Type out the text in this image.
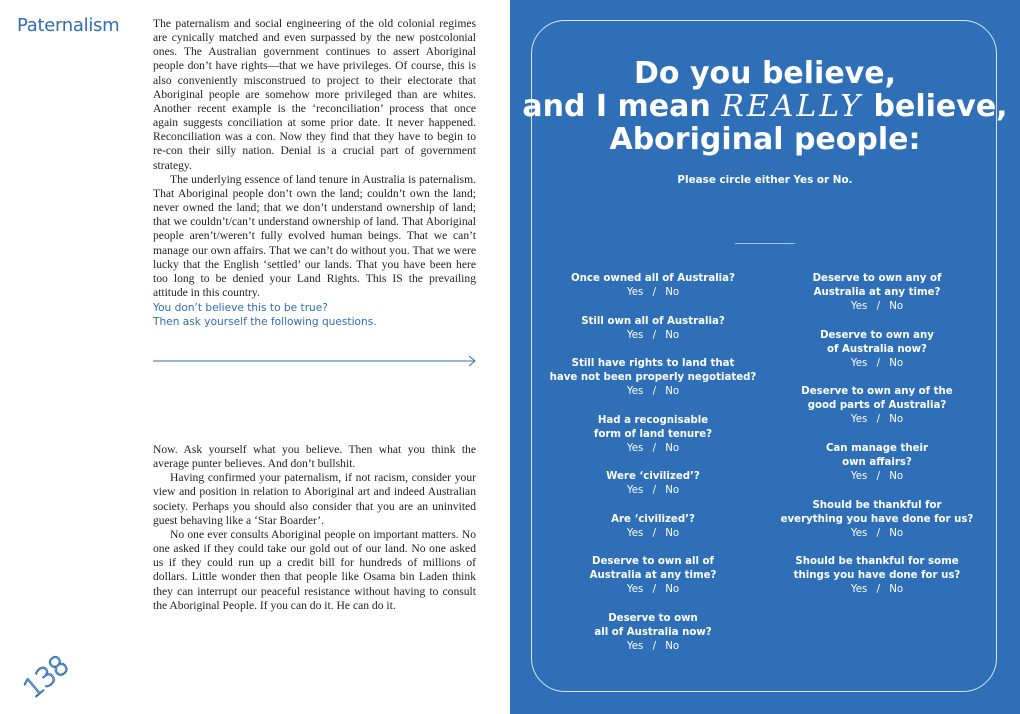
Paternalism	The paternalism and social engineering of the old colonial regimes are cynically matched and even surpassed by the new postcolonial ones. The Australian government continues to assert Aboriginal people don’t have rights—that we have privileges. Of course, this is also conveniently misconstrued to project to their electorate that Aboriginal people are somehow more privileged than are whites. Another recent example is the ‘reconciliation’ process that once again suggests conciliation at some prior date. It never happened. Reconciliation was a con. Now they find that they have to begin to re-con their silly nation. Denial is a crucial part of government strategy.

The underlying essence of land tenure in Australia is paternalism. That Aboriginal people don’t own the land; couldn’t own the land; never owned the land; that we don’t understand ownership of land; that we couldn’t/can’t understand ownership of land. That Aboriginal people aren’t/weren’t fully evolved human beings. That we can’t manage our own affairs. That we can’t do without you. That we were lucky that the English ‘settled’ our lands. That you have been here too long to be denied your Land Rights. This IS the prevailing attitude in this country.

You don’t believe this to be true?
Then ask yourself the following questions.

Now. Ask yourself what you believe. Then what you think the average punter believes. And don’t bullshit.

Having confirmed your paternalism, if not racism, consider your view and position in relation to Aboriginal art and indeed Australian society. Perhaps you should also consider that you are an uninvited guest behaving like a ‘Star Boarder’.

No one ever consults Aboriginal people on important matters. No one asked if they could take our gold out of our land. No one asked us if they could run up a credit bill for hundreds of millions of dollars. Little wonder then that people like Osama bin Laden think they can interrupt our peaceful resistance without having to consult the Aboriginal People. If you can do it. He can do it.

138
Do you believe,
and I mean REALLY believe,
Aboriginal people:
Please circle either Yes or No.
Once owned all of Australia?
Yes / No
Still own all of Australia?
Yes / No
Still have rights to land that
have not been properly negotiated?
Yes / No
Had a recognisable
form of land tenure?
Yes / No
Were ‘civilized’?
Yes / No
Are ‘civilized’?
Yes / No
Deserve to own all of
Australia at any time?
Yes / No
Deserve to own
all of Australia now?
Yes / No
Deserve to own any of
Australia at any time?
Yes / No
Deserve to own any
of Australia now?
Yes / No
Deserve to own any of the
good parts of Australia?
Yes / No
Can manage their
own affairs?
Yes / No
Should be thankful for
everything you have done for us?
Yes / No
Should be thankful for some
things you have done for us?
Yes / No
